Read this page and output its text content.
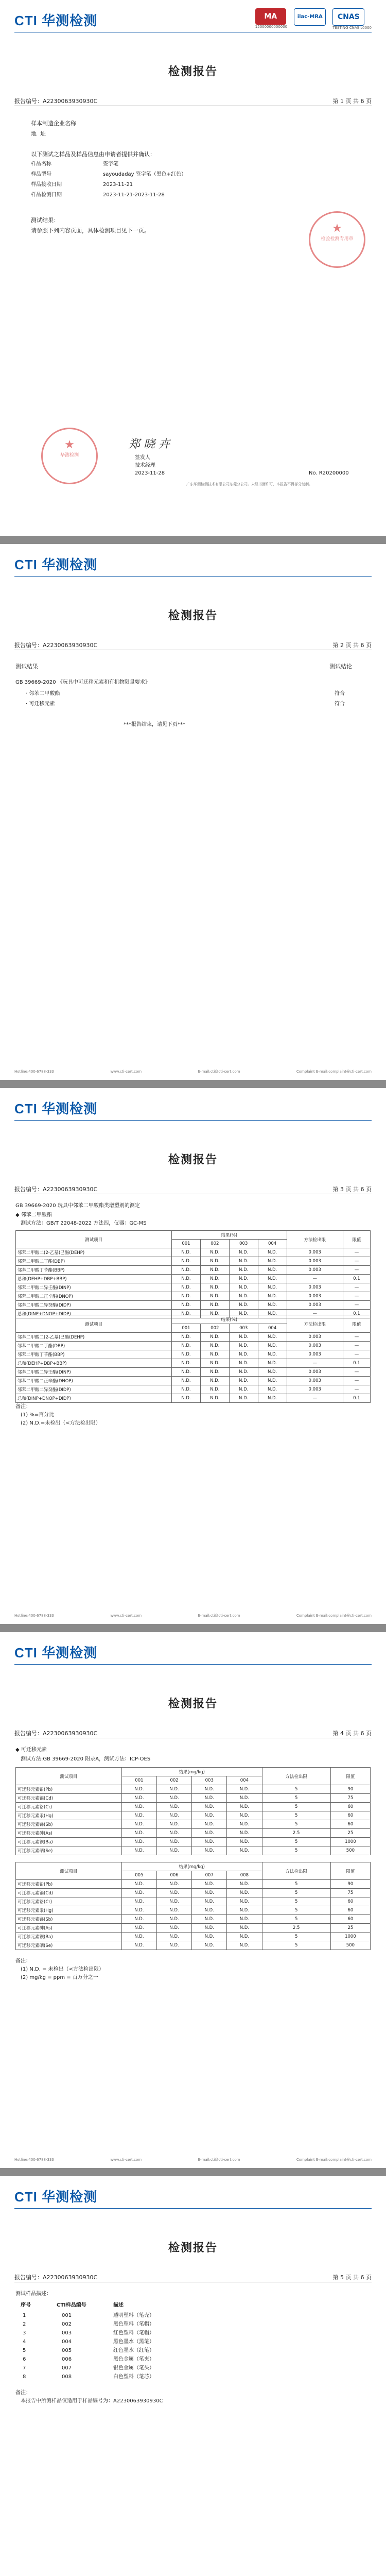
CTI 华测检测	MA
15000000000000

ilac-MRA
	CNAS
TESTING CNAS L0000
检测报告
报告编号：A2230063930930C	第 1 页 共 6 页
样本制造企业名称
地  址
以下测试之样品及样品信息由申请者提供并确认：
样品名称	签字笔
样品型号	sayoudaday 签字笔（黑色+红色）
样品接收日期	2023-11-21
样品检测日期	2023-11-21-2023-11-28
测试结果：
请参照下列内容页面，具体检测项目见下一页。	★
检验检测专用章
★
华测检测
郑 晓 卉
签发人
技术经理
2023-11-28	No. R20200000
广东华测检测技术有限公司东莞分公司。未经书面许可，本报告不得部分复制。
CTI 华测检测
检测报告
报告编号：A2230063930930C	第 2 页 共 6 页
测试结果	测试结论
GB 39669-2020 《玩具中可迁移元素和有机物限量要求》
· 邻苯二甲酸酯	符合
· 可迁移元素	符合
***报告结束，请见下页***
Hotline:400-6788-333	www.cti-cert.com	E-mail:cti@cti-cert.com	Complaint E-mail:complaint@cti-cert.com
CTI 华测检测
检测报告
报告编号：A2230063930930C	第 3 页 共 6 页
GB 39669-2020 玩具中邻苯二甲酸酯类增塑剂的测定
◆ 邻苯二甲酸酯
测试方法：GB/T 22048-2022 方法四，仪器：GC-MS
测试项目	结果(%)				方法检出限	限值
	001	002	003	004		
邻苯二甲酸二(2-乙基)己酯(DEHP)	N.D.	N.D.	N.D.	N.D.	0.003	—
邻苯二甲酸二丁酯(DBP)	N.D.	N.D.	N.D.	N.D.	0.003	—
邻苯二甲酸丁苄酯(BBP)	N.D.	N.D.	N.D.	N.D.	0.003	—
总和(DEHP+DBP+BBP)	N.D.	N.D.	N.D.	N.D.	—	0.1
邻苯二甲酸二异壬酯(DINP)	N.D.	N.D.	N.D.	N.D.	0.003	—
邻苯二甲酸二正辛酯(DNOP)	N.D.	N.D.	N.D.	N.D.	0.003	—
邻苯二甲酸二异癸酯(DIDP)	N.D.	N.D.	N.D.	N.D.	0.003	—
总和(DINP+DNOP+DIDP)	N.D.	N.D.	N.D.	N.D.	—	0.1
测试项目	结果(%)				方法检出限	限值
	001	002	003	004		
邻苯二甲酸二(2-乙基)己酯(DEHP)	N.D.	N.D.	N.D.	N.D.	0.003	—
邻苯二甲酸二丁酯(DBP)	N.D.	N.D.	N.D.	N.D.	0.003	—
邻苯二甲酸丁苄酯(BBP)	N.D.	N.D.	N.D.	N.D.	0.003	—
总和(DEHP+DBP+BBP)	N.D.	N.D.	N.D.	N.D.	—	0.1
邻苯二甲酸二异壬酯(DINP)	N.D.	N.D.	N.D.	N.D.	0.003	—
邻苯二甲酸二正辛酯(DNOP)	N.D.	N.D.	N.D.	N.D.	0.003	—
邻苯二甲酸二异癸酯(DIDP)	N.D.	N.D.	N.D.	N.D.	0.003	—
总和(DINP+DNOP+DIDP)	N.D.	N.D.	N.D.	N.D.	—	0.1
备注：
(1) %=百分比
(2) N.D.=未检出（<方法检出限）
Hotline:400-6788-333	www.cti-cert.com	E-mail:cti@cti-cert.com	Complaint E-mail:complaint@cti-cert.com
CTI 华测检测
检测报告
报告编号：A2230063930930C	第 4 页 共 6 页
◆ 可迁移元素
测试方法:GB 39669-2020 附录A，测试方法：ICP-OES
测试项目	结果(mg/kg)				方法检出限	限值
	001	002	003	004		
可迁移元素铅(Pb)	N.D.	N.D.	N.D.	N.D.	5	90
可迁移元素镉(Cd)	N.D.	N.D.	N.D.	N.D.	5	75
可迁移元素铬(Cr)	N.D.	N.D.	N.D.	N.D.	5	60
可迁移元素汞(Hg)	N.D.	N.D.	N.D.	N.D.	5	60
可迁移元素锑(Sb)	N.D.	N.D.	N.D.	N.D.	5	60
可迁移元素砷(As)	N.D.	N.D.	N.D.	N.D.	2.5	25
可迁移元素钡(Ba)	N.D.	N.D.	N.D.	N.D.	5	1000
可迁移元素硒(Se)	N.D.	N.D.	N.D.	N.D.	5	500
测试项目	结果(mg/kg)				方法检出限	限值
	005	006	007	008		
可迁移元素铅(Pb)	N.D.	N.D.	N.D.	N.D.	5	90
可迁移元素镉(Cd)	N.D.	N.D.	N.D.	N.D.	5	75
可迁移元素铬(Cr)	N.D.	N.D.	N.D.	N.D.	5	60
可迁移元素汞(Hg)	N.D.	N.D.	N.D.	N.D.	5	60
可迁移元素锑(Sb)	N.D.	N.D.	N.D.	N.D.	5	60
可迁移元素砷(As)	N.D.	N.D.	N.D.	N.D.	2.5	25
可迁移元素钡(Ba)	N.D.	N.D.	N.D.	N.D.	5	1000
可迁移元素硒(Se)	N.D.	N.D.	N.D.	N.D.	5	500
备注：
(1) N.D. = 未检出（<方法检出限）
(2) mg/kg = ppm = 百万分之一
Hotline:400-6788-333	www.cti-cert.com	E-mail:cti@cti-cert.com	Complaint E-mail:complaint@cti-cert.com
CTI 华测检测
检测报告
报告编号：A2230063930930C	第 5 页 共 6 页
测试样品描述：
序号	CTI样品编号	描述
1	001	透明塑料（笔壳）
2	002	黑色塑料（笔帽）
3	003	红色塑料（笔帽）
4	004	黑色墨水（黑笔）
5	005	红色墨水（红笔）
6	006	黑色金属（笔夹）
7	007	银色金属（笔头）
8	008	白色塑料（笔芯）
备注：
本报告中所测样品仅适用于样品编号为：A2230063930930C
